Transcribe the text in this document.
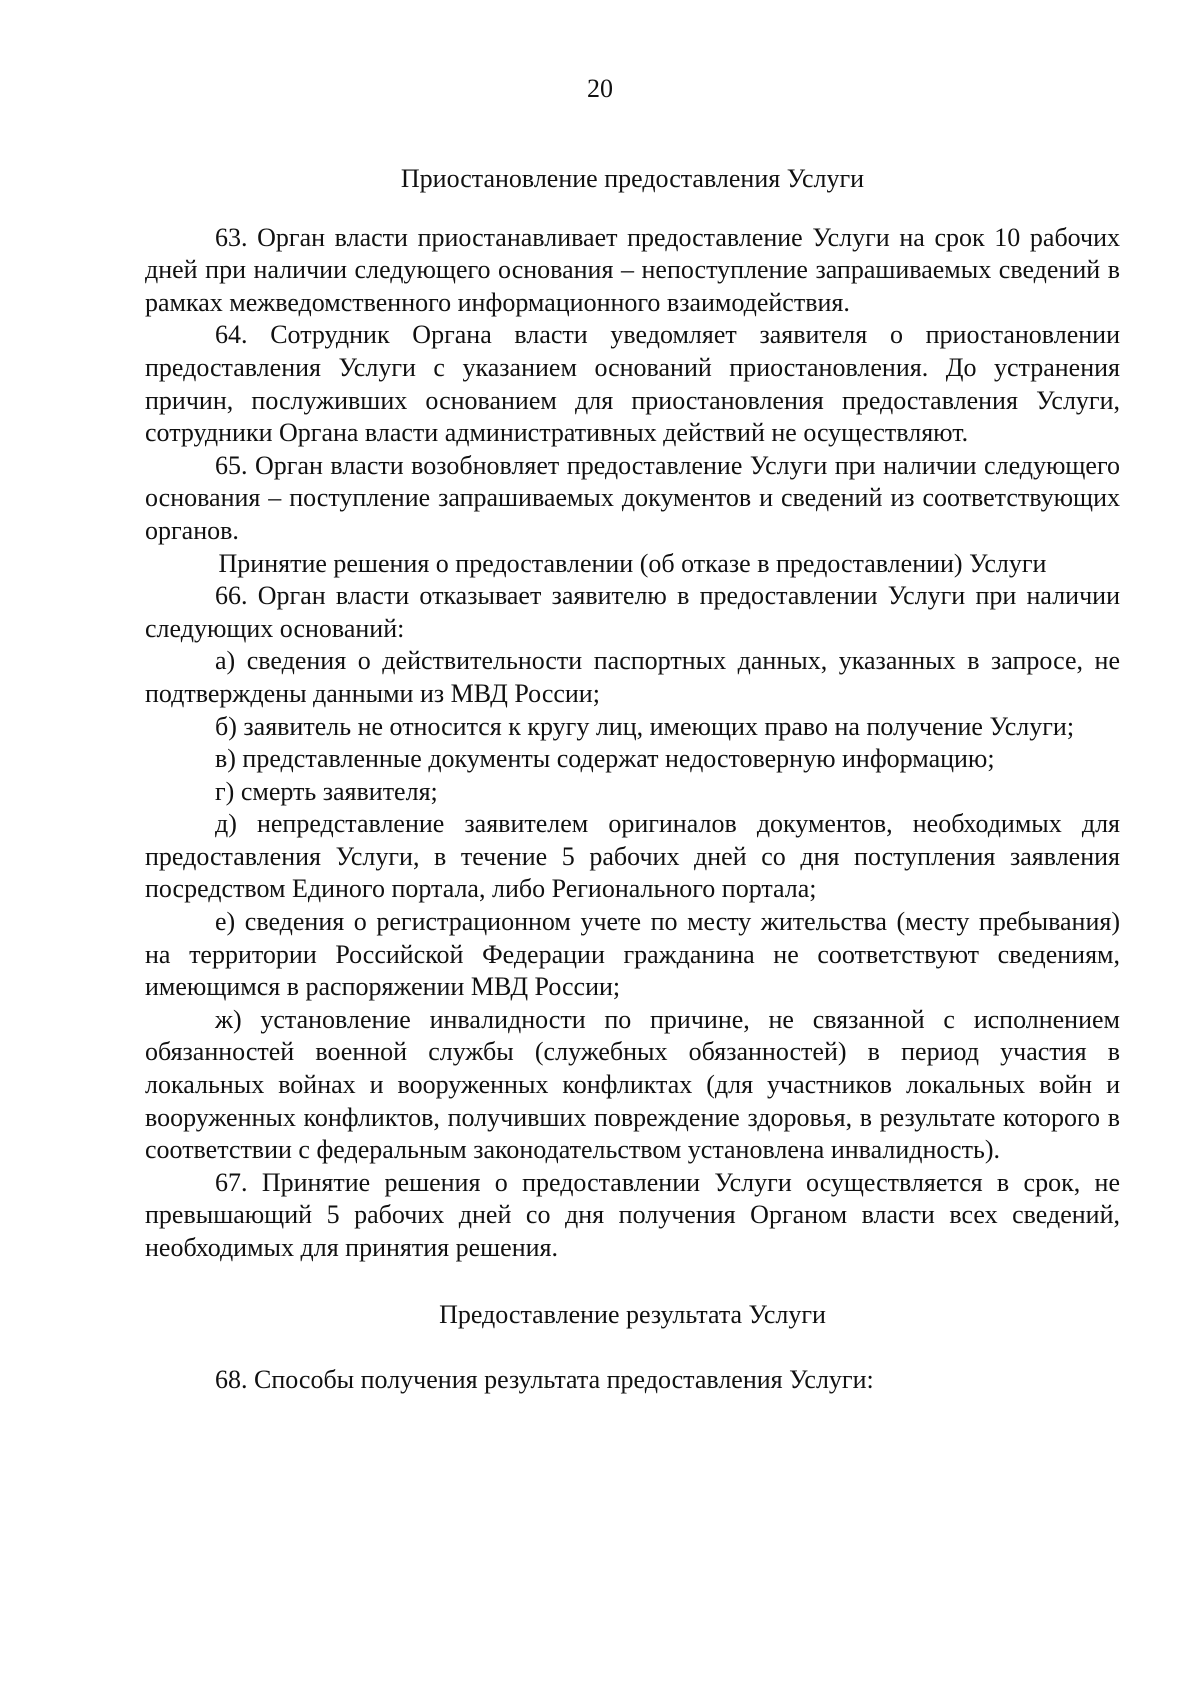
20

Приостановление предоставления Услуги

63. Орган власти приостанавливает предоставление Услуги на срок 10 рабочих дней при наличии следующего основания – непоступление запрашиваемых сведений в рамках межведомственного информационного взаимодействия.

64. Сотрудник Органа власти уведомляет заявителя о приостановлении предоставления Услуги с указанием оснований приостановления. До устранения причин, послуживших основанием для приостановления предоставления Услуги, сотрудники Органа власти административных действий не осуществляют.

65. Орган власти возобновляет предоставление Услуги при наличии следующего основания – поступление запрашиваемых документов и сведений из соответствующих органов.

Принятие решения о предоставлении (об отказе в предоставлении) Услуги

66. Орган власти отказывает заявителю в предоставлении Услуги при наличии следующих оснований:

а) сведения о действительности паспортных данных, указанных в запросе, не подтверждены данными из МВД России;

б) заявитель не относится к кругу лиц, имеющих право на получение Услуги;

в) представленные документы содержат недостоверную информацию;

г) смерть заявителя;

д) непредставление заявителем оригиналов документов, необходимых для предоставления Услуги, в течение 5 рабочих дней со дня поступления заявления посредством Единого портала, либо Регионального портала;

е) сведения о регистрационном учете по месту жительства (месту пребывания) на территории Российской Федерации гражданина не соответствуют сведениям, имеющимся в распоряжении МВД России;

ж) установление инвалидности по причине, не связанной с исполнением обязанностей военной службы (служебных обязанностей) в период участия в локальных войнах и вооруженных конфликтах (для участников локальных войн и вооруженных конфликтов, получивших повреждение здоровья, в результате которого в соответствии с федеральным законодательством установлена инвалидность).

67. Принятие решения о предоставлении Услуги осуществляется в срок, не превышающий 5 рабочих дней со дня получения Органом власти всех сведений, необходимых для принятия решения.

Предоставление результата Услуги

68. Способы получения результата предоставления Услуги:
